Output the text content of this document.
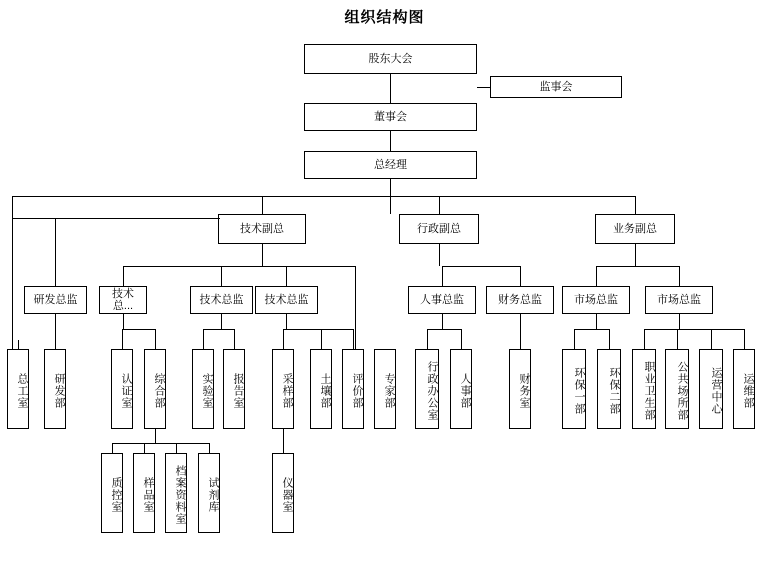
组织结构图
股东大会
监事会
董事会
总经理
技术副总	行政副总	业务副总
研发总监	技术总...
技术总监	技术总监	人事总监	财务总监	市场总监	市场总监
总工室	研发部	认证室	综合部	实验室	报告室	采样部	土壤部	评价部	专家部	行政办公室	人事部	财务室	环保一部	环保二部	职业卫生部	公共场所部	运营中心	运维部
质控室	样品室	档案资料室	试剂库	仪器室
